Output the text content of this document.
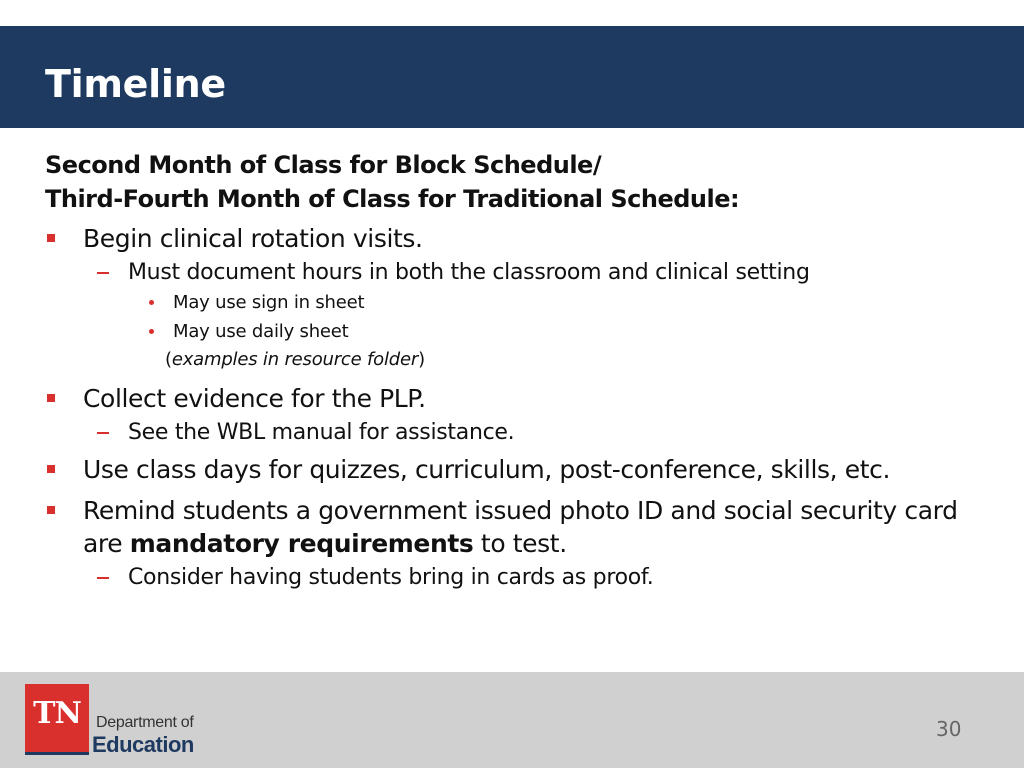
Timeline
Second Month of Class for Block Schedule/
Third-Fourth Month of Class for Traditional Schedule:
Begin clinical rotation visits.
Must document hours in both the classroom and clinical setting
May use sign in sheet
May use daily sheet
(examples in resource folder)
Collect evidence for the PLP.
See the WBL manual for assistance.
Use class days for quizzes, curriculum, post-conference, skills, etc.
Remind students a government issued photo ID and social security card are mandatory requirements to test.
Consider having students bring in cards as proof.
TN Department of
Education
30
